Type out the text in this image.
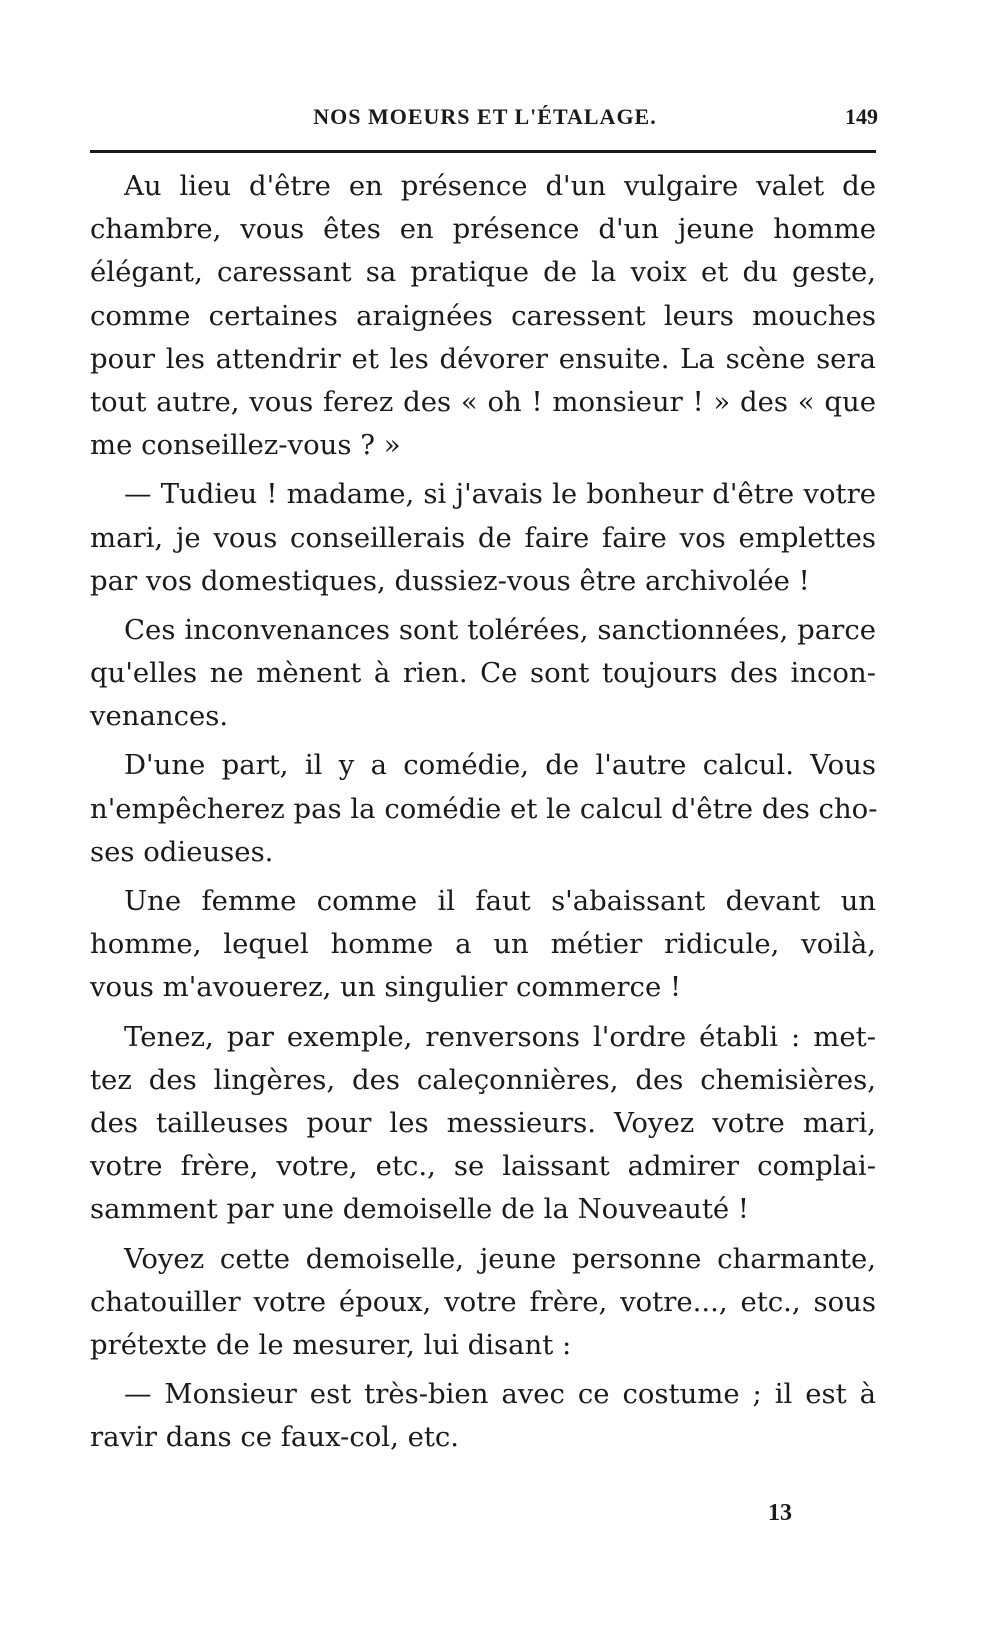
NOS MOEURS ET L'ÉTALAGE.	149
Au lieu d'être en présence d'un vulgaire valet de
chambre, vous êtes en présence d'un jeune homme
élégant, caressant sa pratique de la voix et du geste,
comme certaines araignées caressent leurs mouches
pour les attendrir et les dévorer ensuite. La scène sera
tout autre, vous ferez des « oh ! monsieur ! » des « que
me conseillez-vous ? »
— Tudieu ! madame, si j'avais le bonheur d'être votre
mari, je vous conseillerais de faire faire vos emplettes
par vos domestiques, dussiez-vous être archivolée !
Ces inconvenances sont tolérées, sanctionnées, parce
qu'elles ne mènent à rien. Ce sont toujours des incon-
venances.
D'une part, il y a comédie, de l'autre calcul. Vous
n'empêcherez pas la comédie et le calcul d'être des cho-
ses odieuses.
Une femme comme il faut s'abaissant devant un
homme, lequel homme a un métier ridicule, voilà,
vous m'avouerez, un singulier commerce !
Tenez, par exemple, renversons l'ordre établi : met-
tez des lingères, des caleçonnières, des chemisières,
des tailleuses pour les messieurs. Voyez votre mari,
votre frère, votre, etc., se laissant admirer complai-
samment par une demoiselle de la Nouveauté !
Voyez cette demoiselle, jeune personne charmante,
chatouiller votre époux, votre frère, votre..., etc., sous
prétexte de le mesurer, lui disant :
— Monsieur est très-bien avec ce costume ; il est à
ravir dans ce faux-col, etc.
13
